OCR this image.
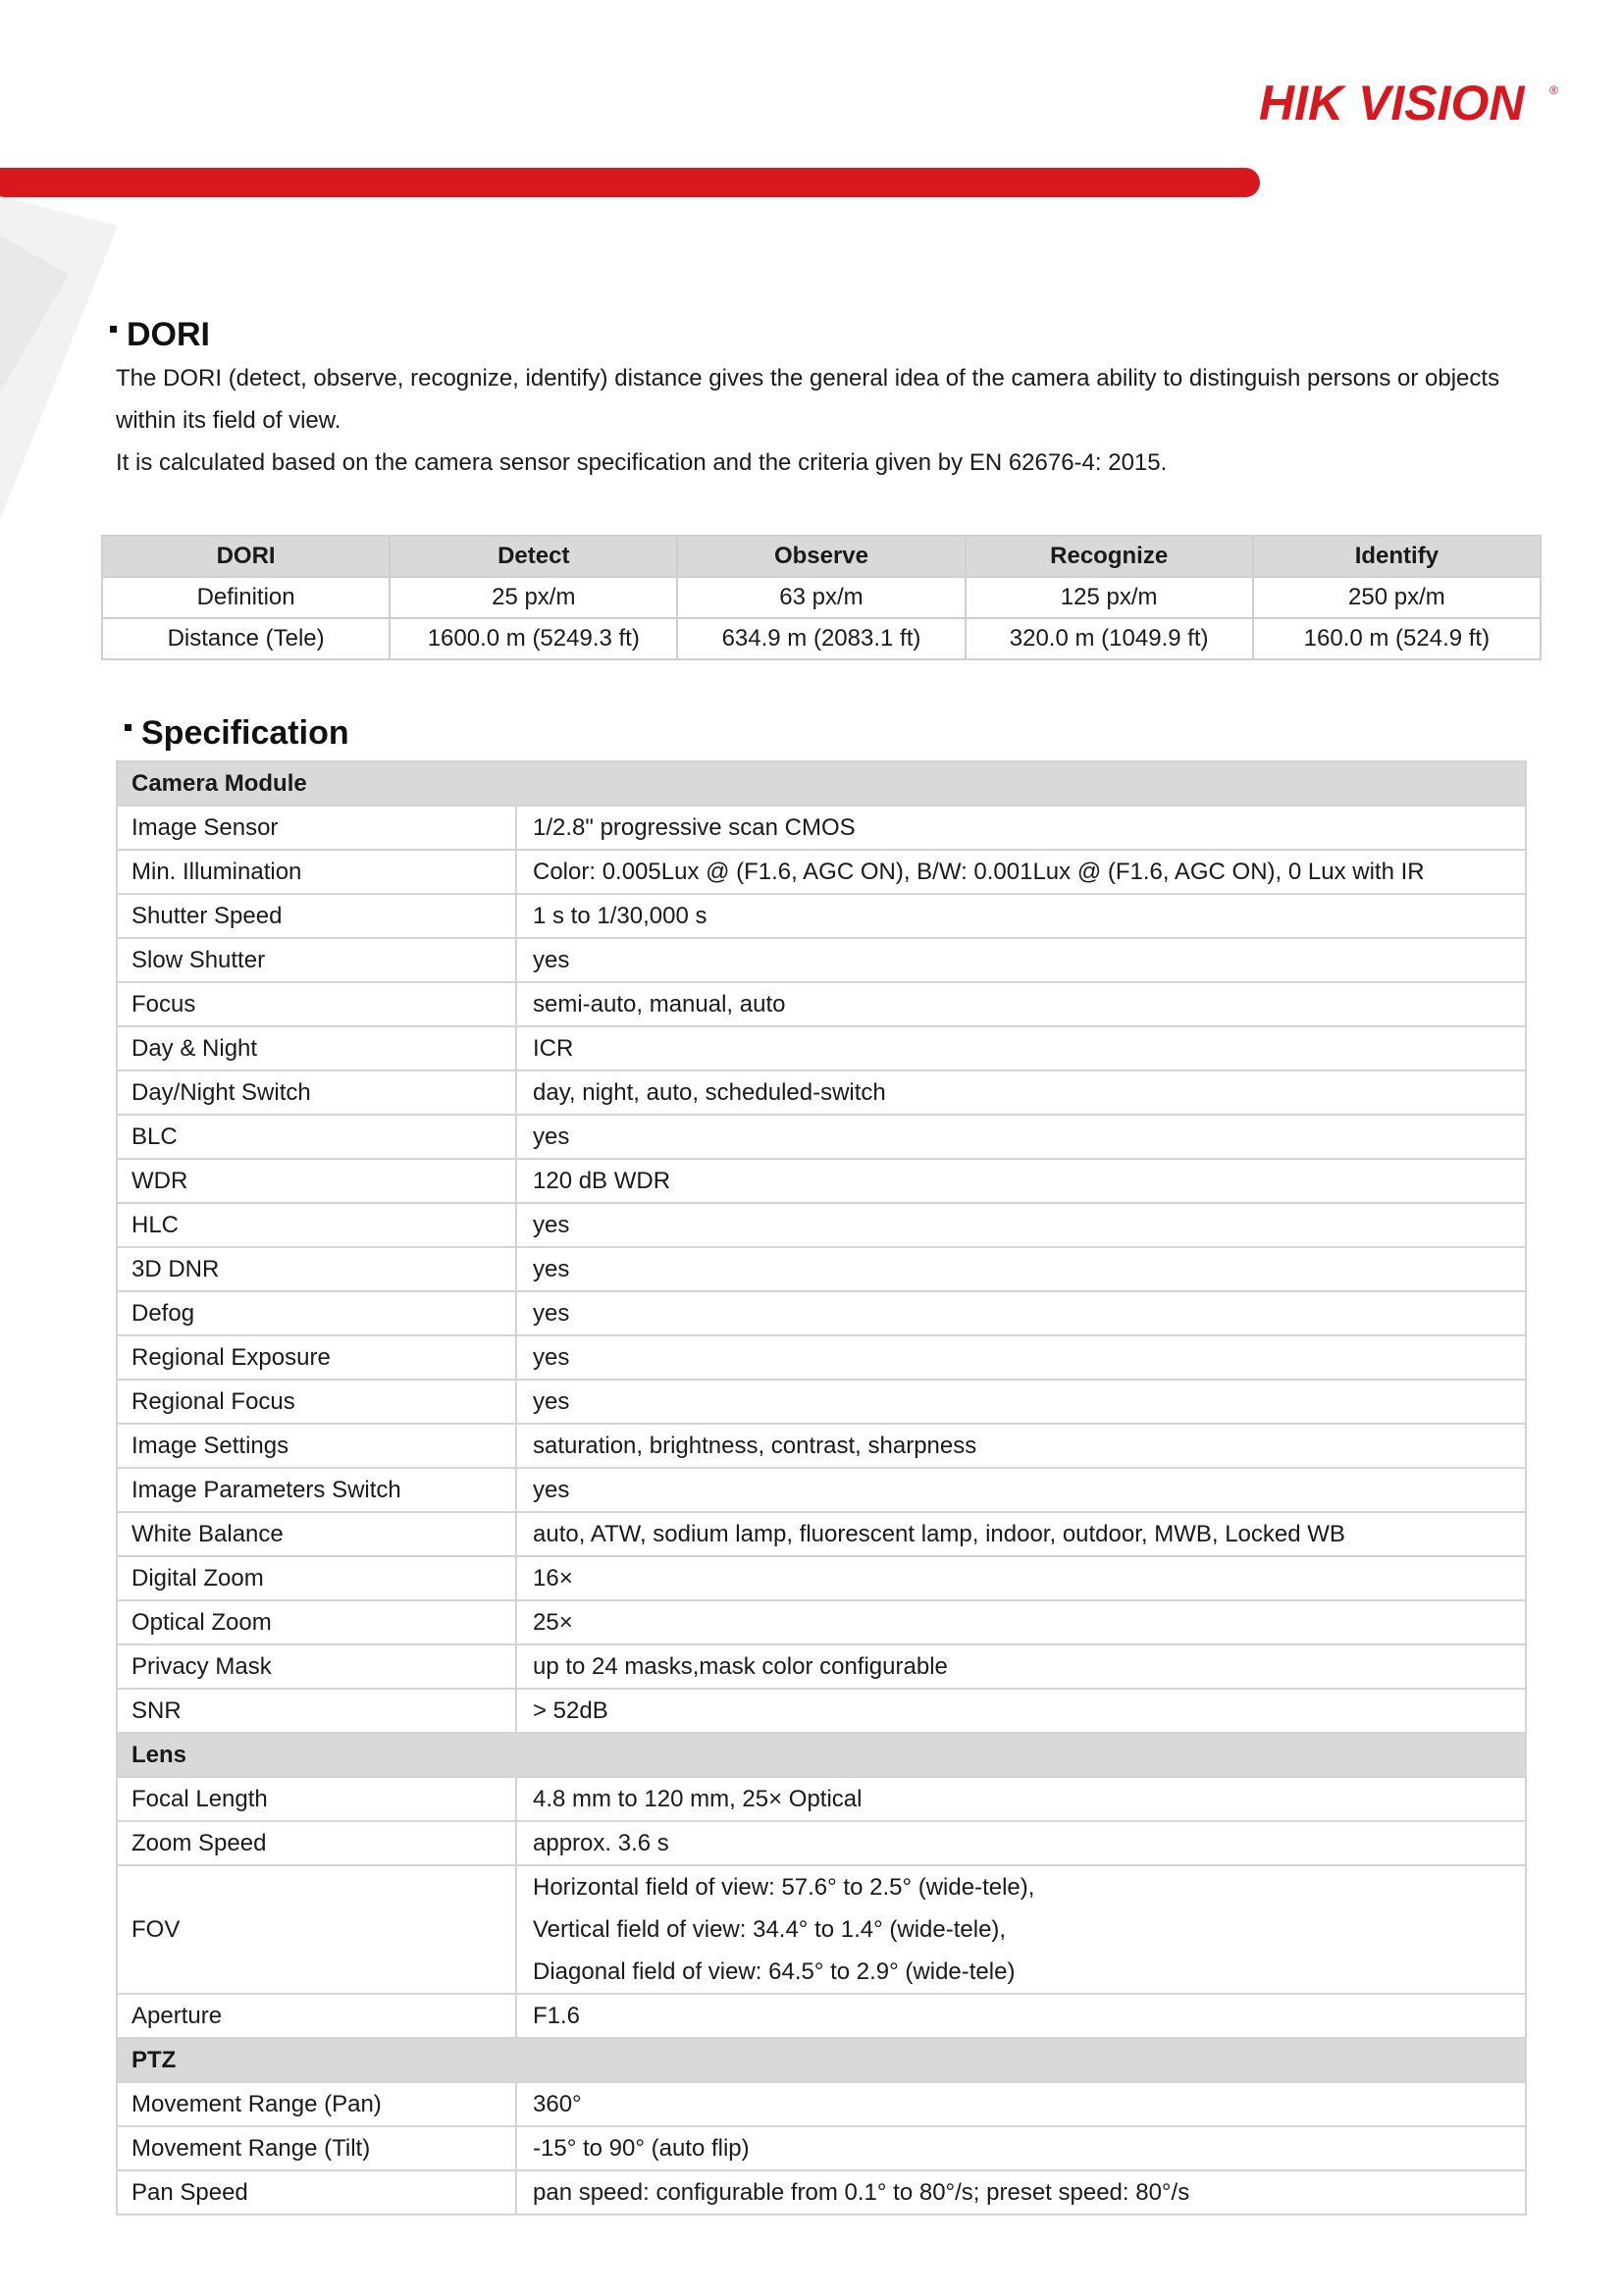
HIK VISION ®
DORI

The DORI (detect, observe, recognize, identify) distance gives the general idea of the camera ability to distinguish persons or objects within its field of view.

It is calculated based on the camera sensor specification and the criteria given by EN 62676-4: 2015.

DORI	Detect	Observe	Recognize	Identify
Definition	25 px/m	63 px/m	125 px/m	250 px/m
Distance (Tele)	1600.0 m (5249.3 ft)	634.9 m (2083.1 ft)	320.0 m (1049.9 ft)	160.0 m (524.9 ft)
Specification
Camera Module	
Image Sensor	1/2.8" progressive scan CMOS
Min. Illumination	Color: 0.005Lux @ (F1.6, AGC ON), B/W: 0.001Lux @ (F1.6, AGC ON), 0 Lux with IR
Shutter Speed	1 s to 1/30,000 s
Slow Shutter	yes
Focus	semi-auto, manual, auto
Day & Night	ICR
Day/Night Switch	day, night, auto, scheduled-switch
BLC	yes
WDR	120 dB WDR
HLC	yes
3D DNR	yes
Defog	yes
Regional Exposure	yes
Regional Focus	yes
Image Settings	saturation, brightness, contrast, sharpness
Image Parameters Switch	yes
White Balance	auto, ATW, sodium lamp, fluorescent lamp, indoor, outdoor, MWB, Locked WB
Digital Zoom	16×
Optical Zoom	25×
Privacy Mask	up to 24 masks,mask color configurable
SNR	> 52dB
Lens	
Focal Length	4.8 mm to 120 mm, 25× Optical
Zoom Speed	approx. 3.6 s
FOV	Horizontal field of view: 57.6° to 2.5° (wide-tele),
Vertical field of view: 34.4° to 1.4° (wide-tele),
Diagonal field of view: 64.5° to 2.9° (wide-tele)

Aperture	F1.6
PTZ	
Movement Range (Pan)	360°
Movement Range (Tilt)	-15° to 90° (auto flip)
Pan Speed	pan speed: configurable from 0.1° to 80°/s; preset speed: 80°/s
